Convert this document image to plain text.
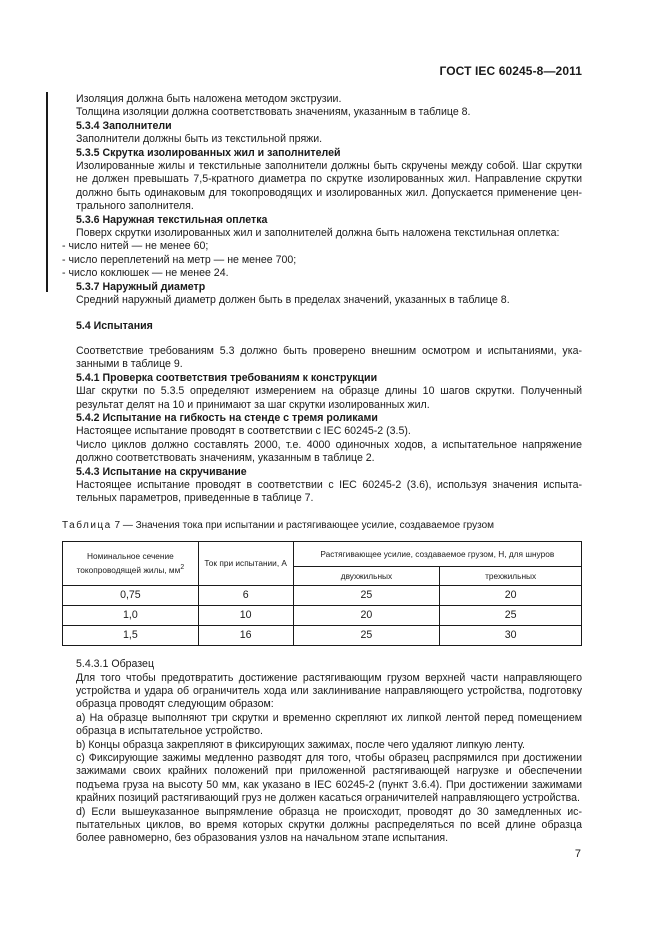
ГОСТ IEC 60245-8—2011

Изоляция должна быть наложена методом экструзии.

Толщина изоляции должна соответствовать значениям, указанным в таблице 8.

5.3.4 Заполнители

Заполнители должны быть из текстильной пряжи.

5.3.5 Скрутка изолированных жил и заполнителей

Изолированные жилы и текстильные заполнители должны быть скручены между собой. Шаг скрутки не должен превышать 7,5-кратного диаметра по скрутке изолированных жил. Направление скрутки должно быть одинаковым для токопроводящих и изолированных жил. Допускается применение центрального заполнителя.

5.3.6 Наружная текстильная оплетка

Поверх скрутки изолированных жил и заполнителей должна быть наложена текстильная оплетка:

- число нитей — не менее 60;

- число переплетений на метр — не менее 700;

- число коклюшек — не менее 24.

5.3.7 Наружный диаметр

Средний наружный диаметр должен быть в пределах значений, указанных в таблице 8.

5.4 Испытания

Соответствие требованиям 5.3 должно быть проверено внешним осмотром и испытаниями, указанными в таблице 9.

5.4.1 Проверка соответствия требованиям к конструкции

Шаг скрутки по 5.3.5 определяют измерением на образце длины 10 шагов скрутки. Полученный результат делят на 10 и принимают за шаг скрутки изолированных жил.

5.4.2 Испытание на гибкость на стенде с тремя роликами

Настоящее испытание проводят в соответствии с IEC 60245-2 (3.5).

Число циклов должно составлять 2000, т.е. 4000 одиночных ходов, а испытательное напряжение должно соответствовать значениям, указанным в таблице 2.

5.4.3 Испытание на скручивание

Настоящее испытание проводят в соответствии с IEC 60245-2 (3.6), используя значения испытательных параметров, приведенные в таблице 7.

Таблица 7 — Значения тока при испытании и растягивающее усилие, создаваемое грузом
Номинальное сечение токопроводящей жилы, $мм^2$	Ток при испытании, А	Растягивающее усилие, создаваемое грузом, Н, для шнуров	
		двухжильных	трехжильных
0,75	6	25	20
1,0	10	20	25
1,5	16	25	30

5.4.3.1 Образец

Для того чтобы предотвратить достижение растягивающим грузом верхней части направляющего устройства и удара об ограничитель хода или заклинивание направляющего устройства, подготовку образца проводят следующим образом:

а) На образце выполняют три скрутки и временно скрепляют их липкой лентой перед помещением образца в испытательное устройство.

b) Концы образца закрепляют в фиксирующих зажимах, после чего удаляют липкую ленту.

с) Фиксирующие зажимы медленно разводят для того, чтобы образец распрямился при достижении зажимами своих крайних положений при приложенной растягивающей нагрузке и обеспечении подъема груза на высоту 50 мм, как указано в IEC 60245-2 (пункт 3.6.4). При достижении зажимами крайних позиций растягивающий груз не должен касаться ограничителей направляющего устройства.

d) Если вышеуказанное выпрямление образца не происходит, проводят до 30 замедленных испытательных циклов, во время которых скрутки должны распределяться по всей длине образца более равномерно, без образования узлов на начальном этапе испытания.

7
